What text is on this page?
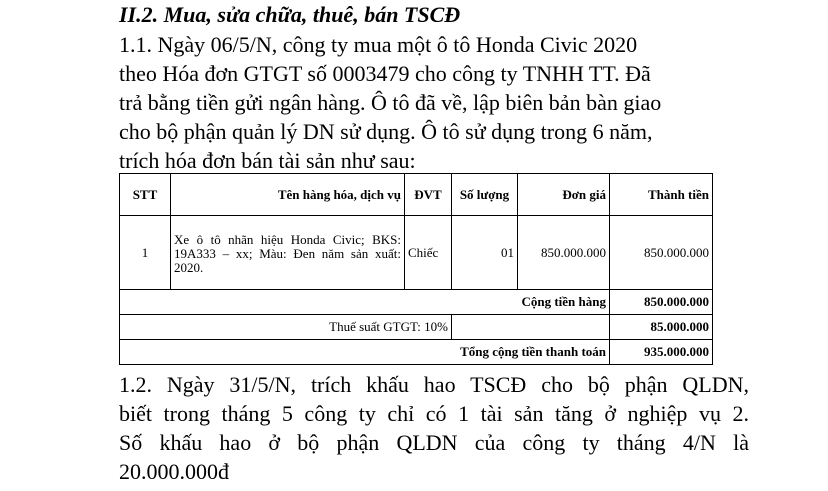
II.2. Mua, sửa chữa, thuê, bán TSCĐ
1.1. Ngày 06/5/N, công ty mua một ô tô Honda Civic 2020
theo Hóa đơn GTGT số 0003479 cho công ty TNHH TT. Đã
trả bằng tiền gửi ngân hàng. Ô tô đã về, lập biên bản bàn giao
cho bộ phận quản lý DN sử dụng. Ô tô sử dụng trong 6 năm,
trích hóa đơn bán tài sản như sau:
STT	Tên hàng hóa, dịch vụ	ĐVT	Số lượng	Đơn giá	Thành tiền
1	Xe ô tô nhãn hiệu Honda Civic; BKS: 19A333 – xx; Màu: Đen năm sản xuất: 2020.	Chiếc	01	850.000.000	850.000.000
Cộng tiền hàng					850.000.000
Thuế suất GTGT: 10%					85.000.000
Tổng cộng tiền thanh toán					935.000.000
1.2. Ngày 31/5/N, trích khấu hao TSCĐ cho bộ phận QLDN,
biết trong tháng 5 công ty chỉ có 1 tài sản tăng ở nghiệp vụ 2.
Số khấu hao ở bộ phận QLDN của công ty tháng 4/N là
20.000.000đ
